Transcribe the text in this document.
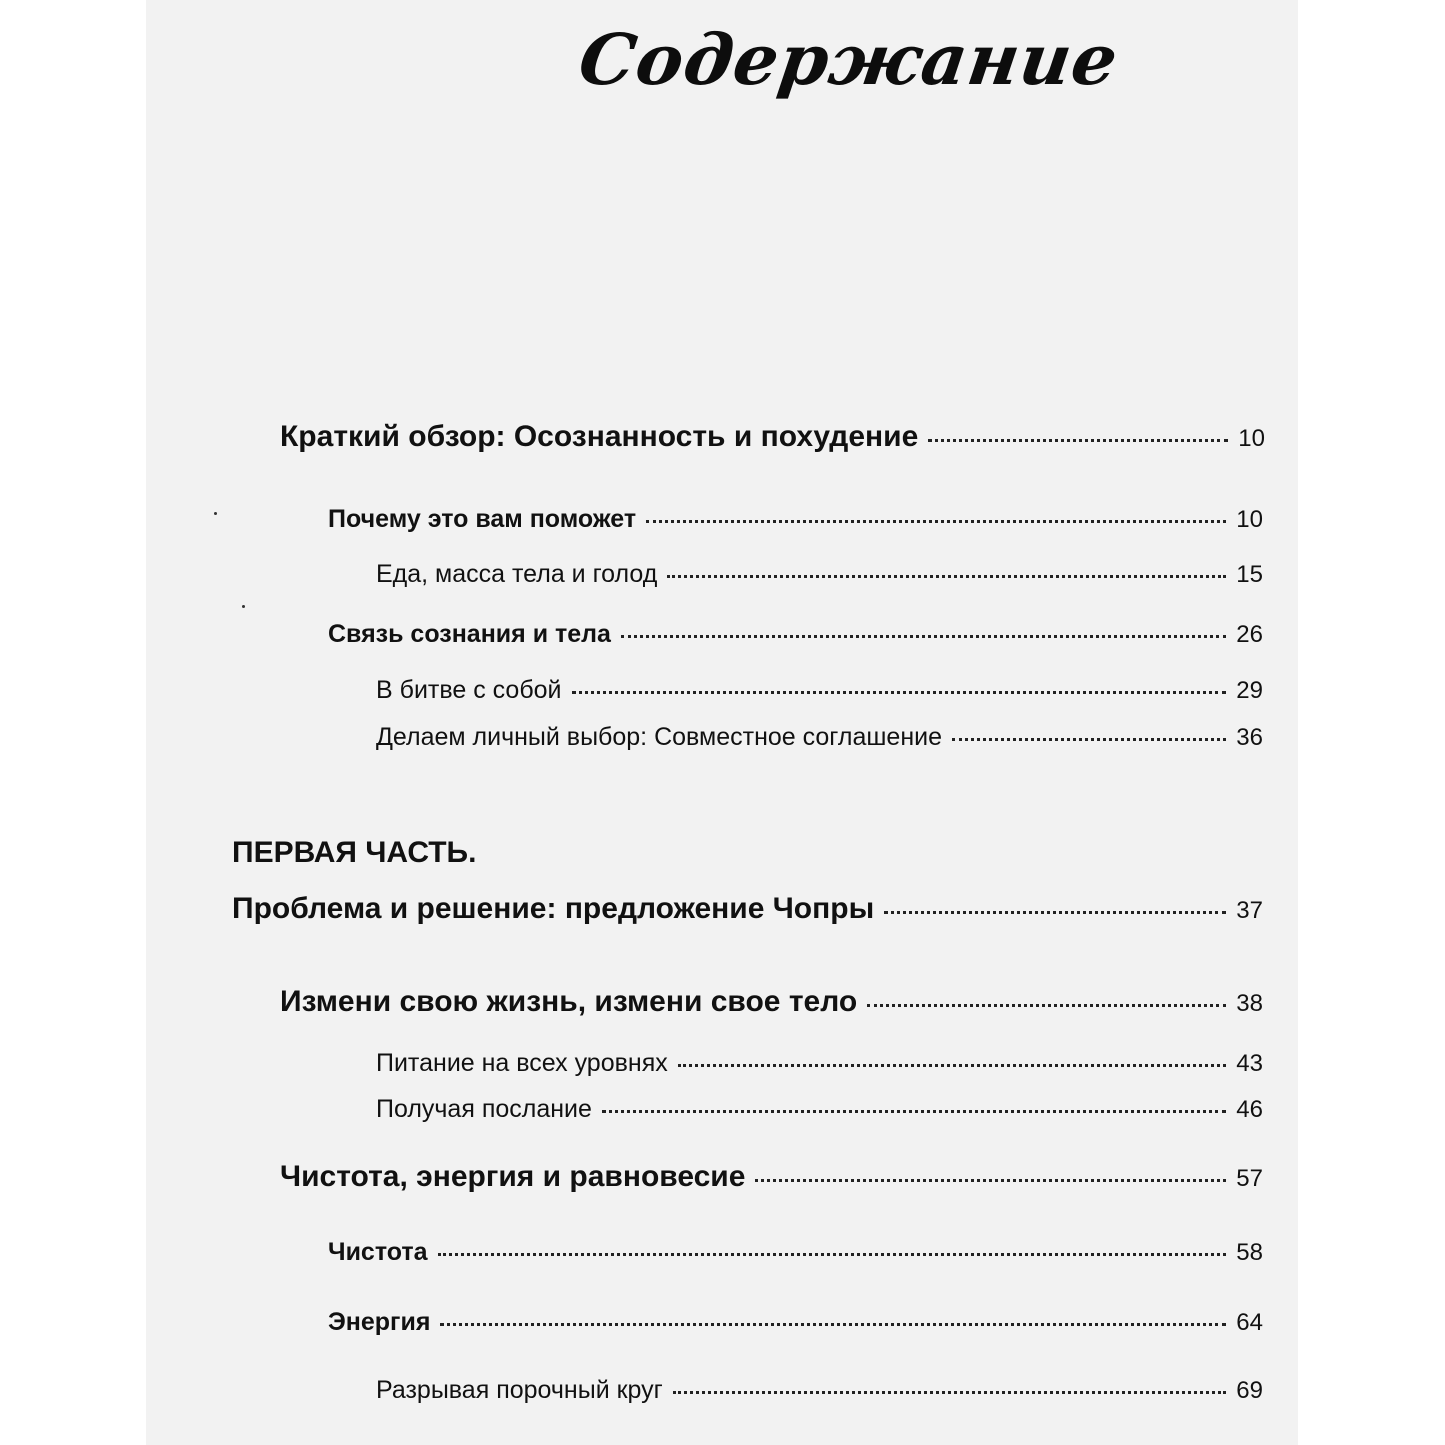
Содержание
Краткий обзор: Осознанность и похудение	10
Почему это вам поможет	10
Еда, масса тела и голод	15
Связь сознания и тела	26
В битве с собой	29
Делаем личный выбор: Совместное соглашение	36
ПЕРВАЯ ЧАСТЬ.
Проблема и решение: предложение Чопры	37
Измени свою жизнь, измени свое тело	38
Питание на всех уровнях	43
Получая послание	46
Чистота, энергия и равновесие	57
Чистота	58
Энергия	64
Разрывая порочный круг	69
